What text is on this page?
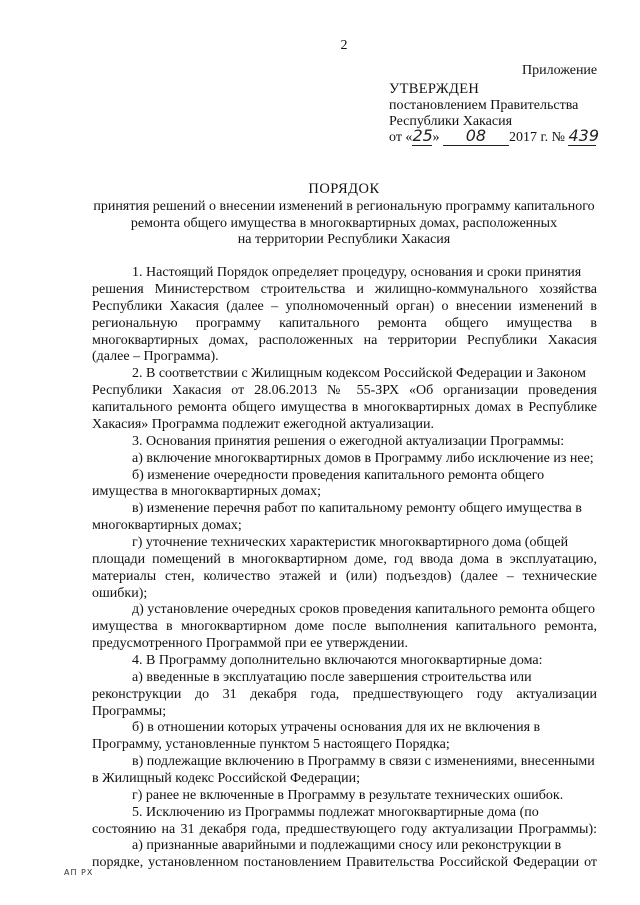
2
Приложение
УТВЕРЖДЕН
постановлением Правительства
Республики Хакасия
от «25» 08 2017 г. № 439
ПОРЯДОК
принятия решений о внесении изменений в региональную программу капитального
ремонта общего имущества в многоквартирных домах, расположенных
на территории Республики Хакасия
1. Настоящий Порядок определяет процедуру, основания и сроки принятия
решения Министерством строительства и жилищно-коммунального хозяйства
Республики Хакасия (далее – уполномоченный орган) о внесении изменений в
региональную программу капитального ремонта общего имущества в
многоквартирных домах, расположенных на территории Республики Хакасия
(далее – Программа).
2. В соответствии с Жилищным кодексом Российской Федерации и Законом
Республики Хакасия от 28.06.2013 № 55-ЗРХ «Об организации проведения
капитального ремонта общего имущества в многоквартирных домах в Республике
Хакасия» Программа подлежит ежегодной актуализации.
3. Основания принятия решения о ежегодной актуализации Программы:
а) включение многоквартирных домов в Программу либо исключение из нее;
б) изменение очередности проведения капитального ремонта общего
имущества в многоквартирных домах;
в) изменение перечня работ по капитальному ремонту общего имущества в
многоквартирных домах;
г) уточнение технических характеристик многоквартирного дома (общей
площади помещений в многоквартирном доме, год ввода дома в эксплуатацию,
материалы стен, количество этажей и (или) подъездов) (далее – технические
ошибки);
д) установление очередных сроков проведения капитального ремонта общего
имущества в многоквартирном доме после выполнения капитального ремонта,
предусмотренного Программой при ее утверждении.
4. В Программу дополнительно включаются многоквартирные дома:
а) введенные в эксплуатацию после завершения строительства или
реконструкции до 31 декабря года, предшествующего году актуализации
Программы;
б) в отношении которых утрачены основания для их не включения в
Программу, установленные пунктом 5 настоящего Порядка;
в) подлежащие включению в Программу в связи с изменениями, внесенными
в Жилищный кодекс Российской Федерации;
г) ранее не включенные в Программу в результате технических ошибок.
5. Исключению из Программы подлежат многоквартирные дома (по
состоянию на 31 декабря года, предшествующего году актуализации Программы):
а) признанные аварийными и подлежащими сносу или реконструкции в
порядке, установленном постановлением Правительства Российской Федерации от
АП РХ
